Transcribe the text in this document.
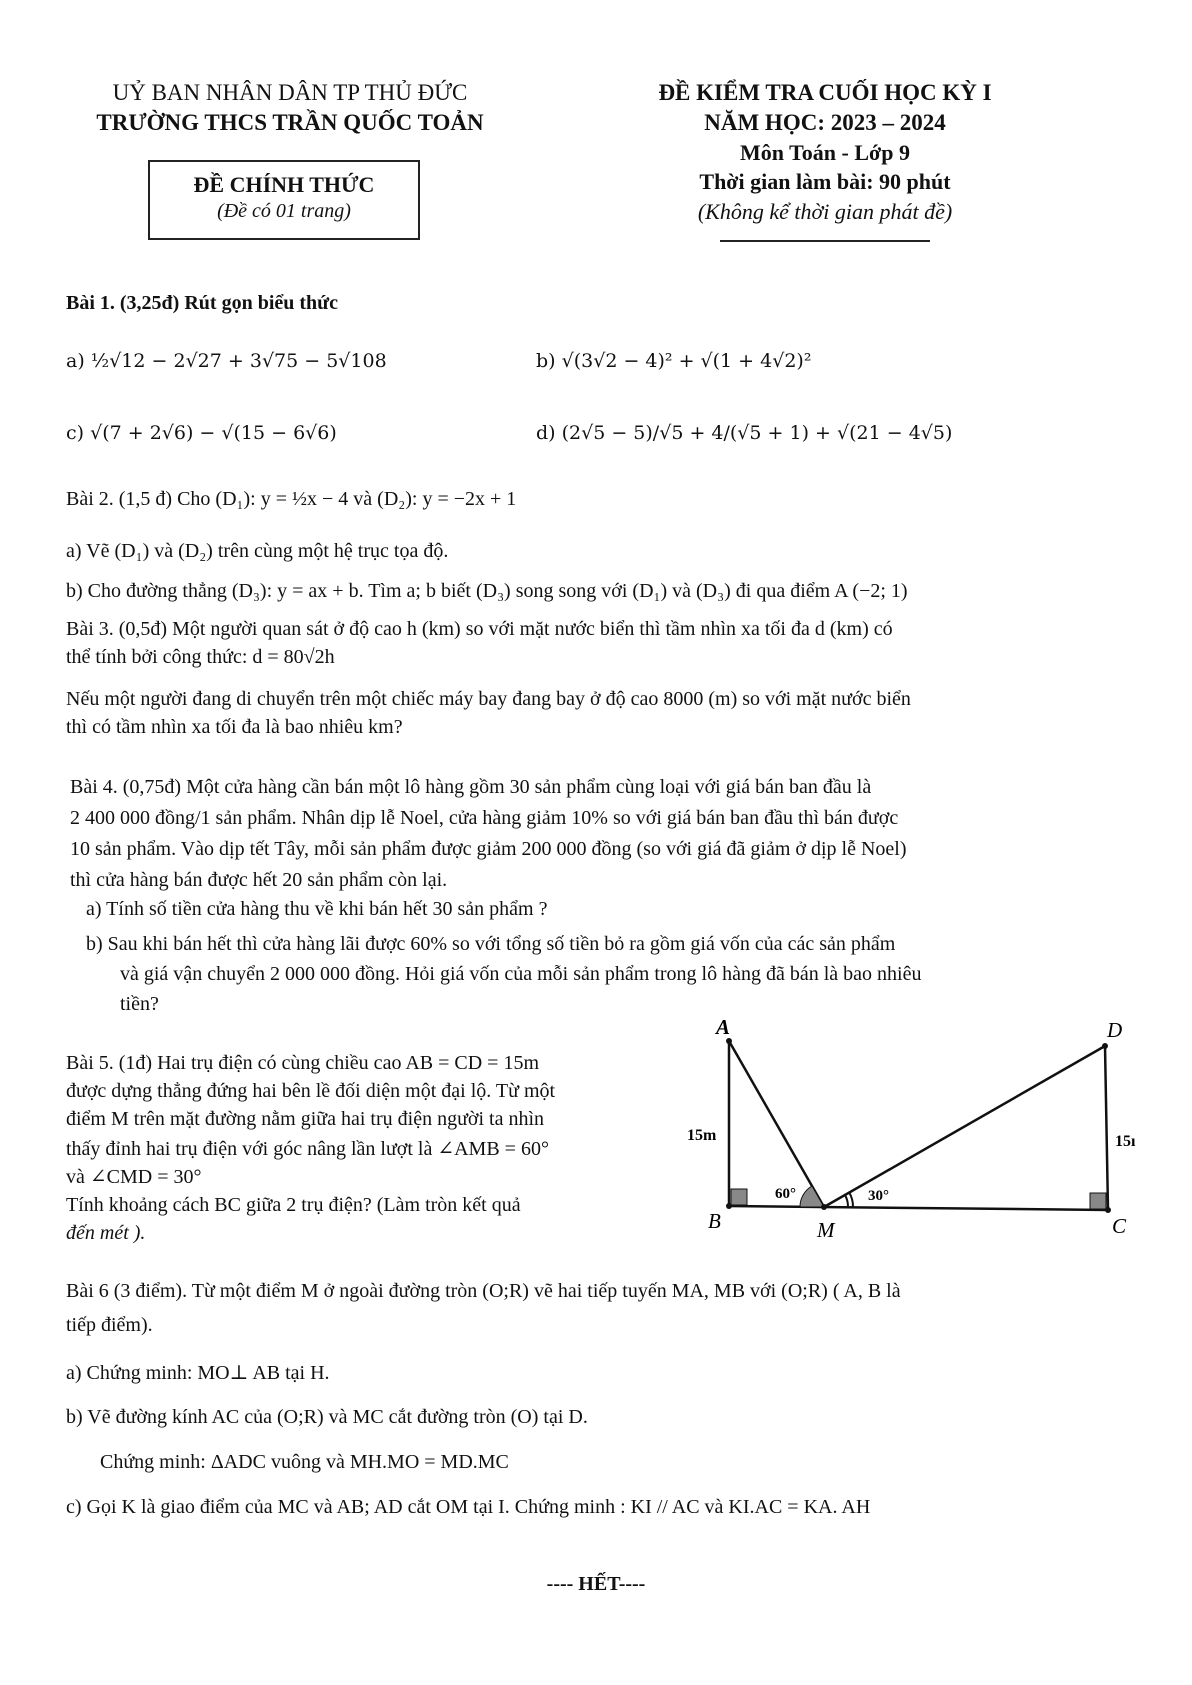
UỶ BAN NHÂN DÂN TP THỦ ĐỨC
TRƯỜNG THCS TRẦN QUỐC TOẢN
ĐỀ CHÍNH THỨC
(Đề có 01 trang)
ĐỀ KIỂM TRA CUỐI HỌC KỲ I
NĂM HỌC: 2023 – 2024
Môn Toán - Lớp 9
Thời gian làm bài: 90 phút
(Không kể thời gian phát đề)
Bài 1. (3,25đ) Rút gọn biểu thức
a) ½√12 − 2√27 + 3√75 − 5√108	b) √(3√2 − 4)² + √(1 + 4√2)²
c) √(7 + 2√6) − √(15 − 6√6)	d) (2√5 − 5)/√5 + 4/(√5 + 1) + √(21 − 4√5)
Bài 2. (1,5 đ) Cho (D₁): y = ½x − 4 và (D₂): y = −2x + 1
a) Vẽ (D₁) và (D₂) trên cùng một hệ trục tọa độ.
b) Cho đường thẳng (D₃): y = ax + b. Tìm a; b biết (D₃) song song với (D₁) và (D₃) đi qua điểm A (−2; 1)
Bài 3. (0,5đ) Một người quan sát ở độ cao h (km) so với mặt nước biển thì tầm nhìn xa tối đa d (km) có
thể tính bởi công thức: d = 80√2h
Nếu một người đang di chuyển trên một chiếc máy bay đang bay ở độ cao 8000 (m) so với mặt nước biển
thì có tầm nhìn xa tối đa là bao nhiêu km?
Bài 4. (0,75đ) Một cửa hàng cần bán một lô hàng gồm 30 sản phẩm cùng loại với giá bán ban đầu là
2 400 000 đồng/1 sản phẩm. Nhân dịp lễ Noel, cửa hàng giảm 10% so với giá bán ban đầu thì bán được
10 sản phẩm. Vào dịp tết Tây, mỗi sản phẩm được giảm 200 000 đồng (so với giá đã giảm ở dịp lễ Noel)
thì cửa hàng bán được hết 20 sản phẩm còn lại.
a) Tính số tiền cửa hàng thu về khi bán hết 30 sản phẩm ?
b) Sau khi bán hết thì cửa hàng lãi được 60% so với tổng số tiền bỏ ra gồm giá vốn của các sản phẩm
và giá vận chuyển 2 000 000 đồng. Hỏi giá vốn của mỗi sản phẩm trong lô hàng đã bán là bao nhiêu
tiền?
Bài 5. (1đ) Hai trụ điện có cùng chiều cao AB = CD = 15m
được dựng thẳng đứng hai bên lề đối diện một đại lộ. Từ một
điểm M trên mặt đường nằm giữa hai trụ điện người ta nhìn
thấy đỉnh hai trụ điện với góc nâng lần lượt là ∠AMB = 60°
và ∠CMD = 30°
Tính khoảng cách BC giữa 2 trụ điện? (Làm tròn kết quả
đến mét ).
A	D
B	M	C
15m	15ı
60°	30°
Bài 6 (3 điểm). Từ một điểm M ở ngoài đường tròn (O;R) vẽ hai tiếp tuyến MA, MB với (O;R) ( A, B là
tiếp điểm).
a) Chứng minh: MO⊥ AB tại H.
b) Vẽ đường kính AC của (O;R) và MC cắt đường tròn (O) tại D.
Chứng minh: ΔADC vuông và MH.MO = MD.MC
c) Gọi K là giao điểm của MC và AB; AD cắt OM tại I. Chứng minh : KI // AC và KI.AC = KA. AH
---- HẾT----
